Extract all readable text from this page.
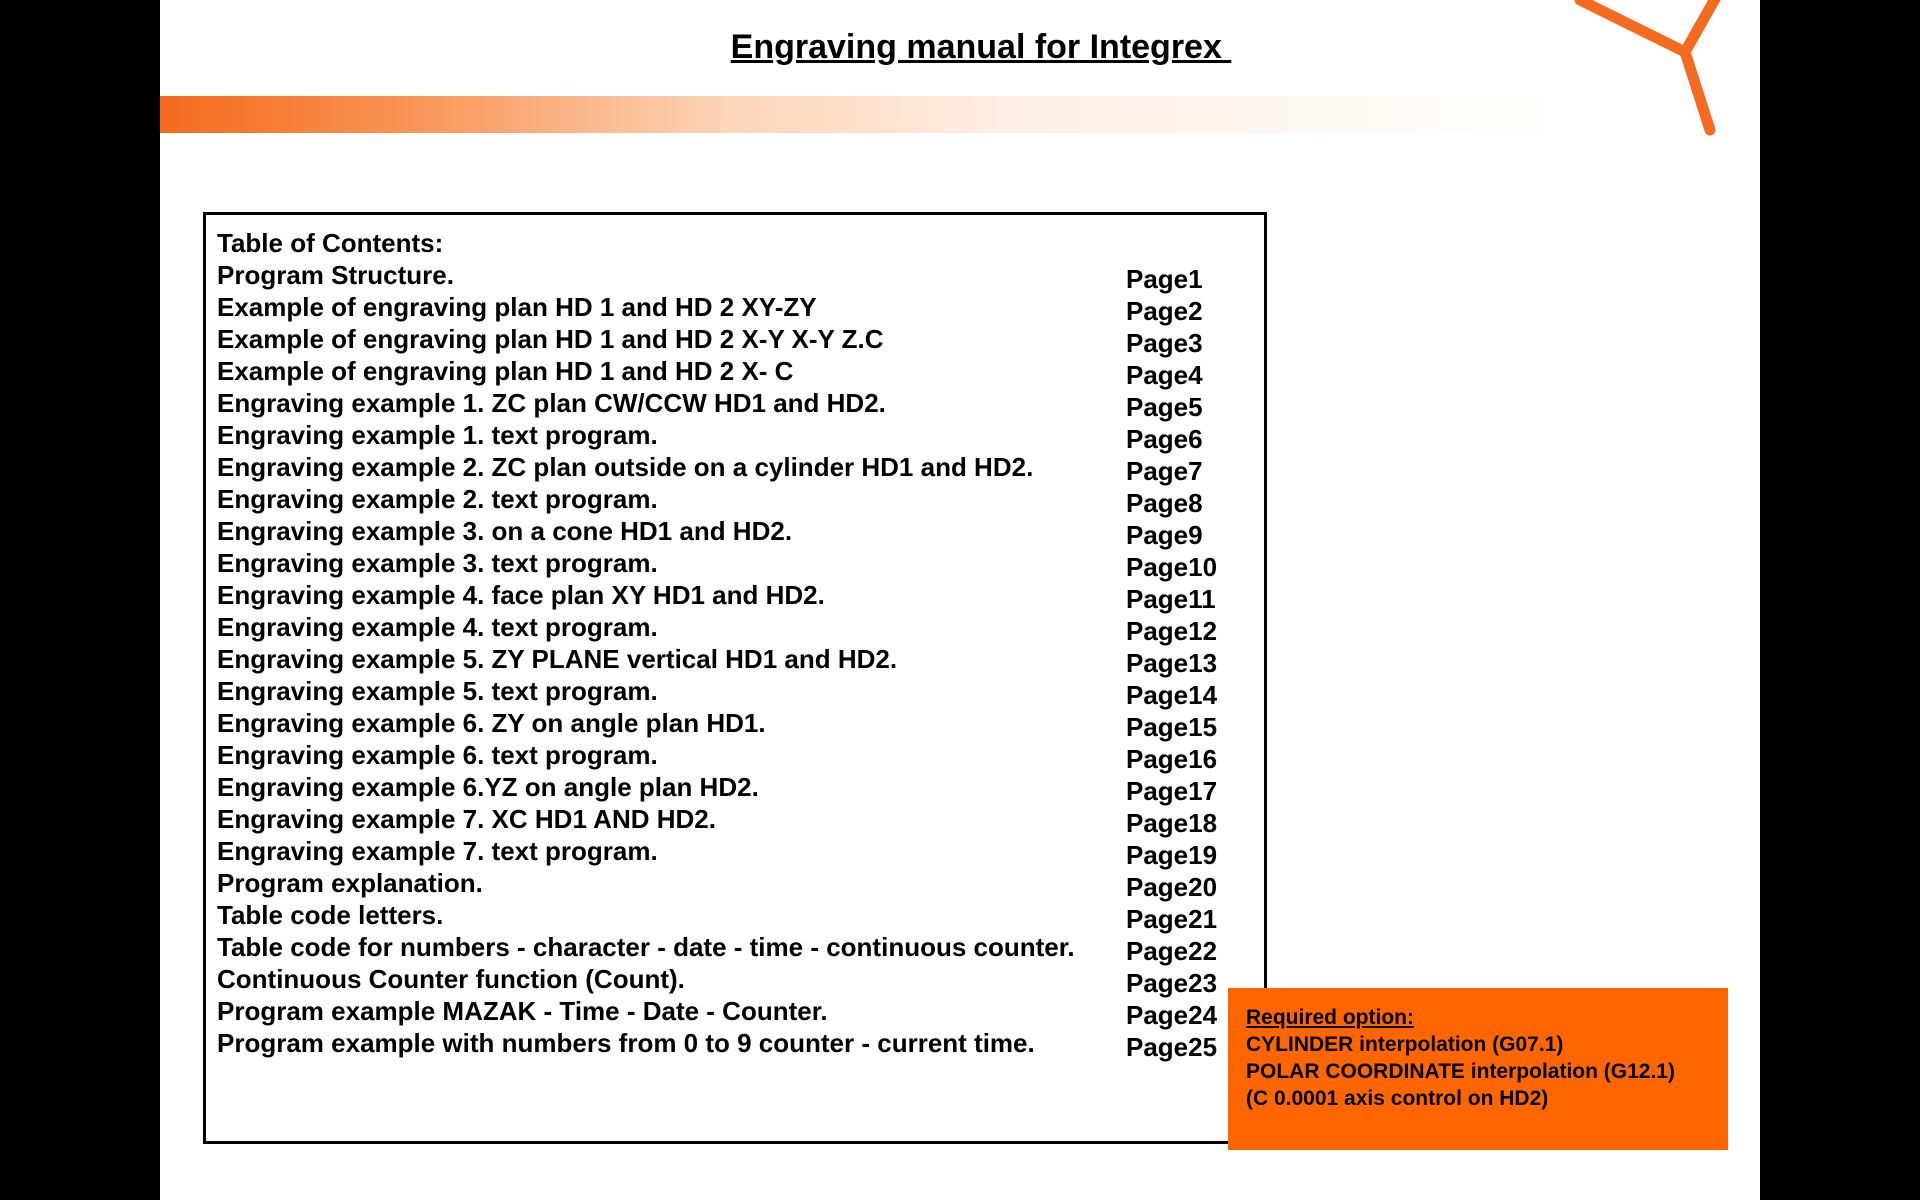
Engraving manual for Integrex
Table of Contents:
Program Structure.	Page1
Example of engraving plan HD 1 and HD 2 XY-ZY	Page2
Example of engraving plan HD 1 and HD 2 X-Y X-Y Z.C	Page3
Example of engraving plan HD 1 and HD 2 X- C	Page4
Engraving example 1. ZC plan CW/CCW HD1 and HD2.	Page5
Engraving example 1. text program.	Page6
Engraving example 2. ZC plan outside on a cylinder HD1 and HD2.	Page7
Engraving example 2. text program.	Page8
Engraving example 3. on a cone HD1 and HD2.	Page9
Engraving example 3. text program.	Page10
Engraving example 4. face plan XY HD1 and HD2.	Page11
Engraving example 4. text program.	Page12
Engraving example 5. ZY PLANE vertical HD1 and HD2.	Page13
Engraving example 5. text program.	Page14
Engraving example 6. ZY on angle plan HD1.	Page15
Engraving example 6. text program.	Page16
Engraving example 6.YZ on angle plan HD2.	Page17
Engraving example 7. XC HD1 AND HD2.	Page18
Engraving example 7. text program.	Page19
Program explanation.	Page20
Table code letters.	Page21
Table code for numbers - character - date - time - continuous counter. Page22
Continuous Counter function (Count).	Page23
Program example MAZAK - Time - Date - Counter.	Page24
Program example with numbers from 0 to 9 counter - current time.	Page25
Required option:
CYLINDER interpolation (G07.1)
POLAR COORDINATE interpolation (G12.1)
(C 0.0001 axis control on HD2)
